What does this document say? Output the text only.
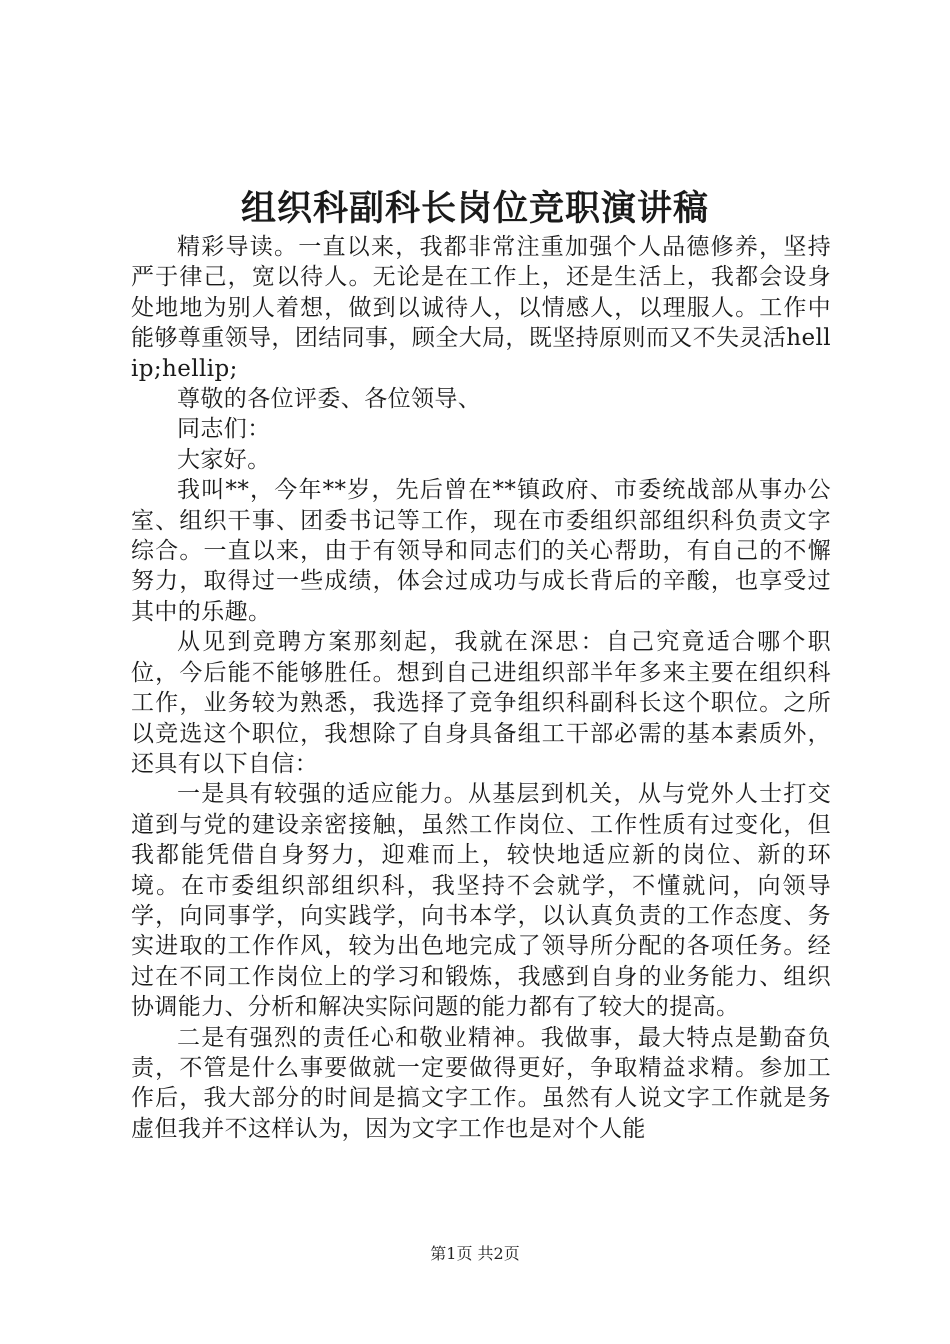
组织科副科长岗位竞职演讲稿

精彩导读。一直以来，我都非常注重加强个人品德修养，坚持严于律己，宽以待人。无论是在工作上，还是生活上，我都会设身处地地为别人着想，做到以诚待人，以情感人，以理服人。工作中能够尊重领导，团结同事，顾全大局，既坚持原则而又不失灵活hellip;hellip;

尊敬的各位评委、各位领导、

同志们：

大家好。

我叫**，今年**岁，先后曾在**镇政府、市委统战部从事办公室、组织干事、团委书记等工作，现在市委组织部组织科负责文字综合。一直以来，由于有领导和同志们的关心帮助，有自己的不懈努力，取得过一些成绩，体会过成功与成长背后的辛酸，也享受过其中的乐趣。

从见到竞聘方案那刻起，我就在深思：自己究竟适合哪个职位，今后能不能够胜任。想到自己进组织部半年多来主要在组织科工作，业务较为熟悉，我选择了竞争组织科副科长这个职位。之所以竞选这个职位，我想除了自身具备组工干部必需的基本素质外，还具有以下自信：

一是具有较强的适应能力。从基层到机关，从与党外人士打交道到与党的建设亲密接触，虽然工作岗位、工作性质有过变化，但我都能凭借自身努力，迎难而上，较快地适应新的岗位、新的环境。在市委组织部组织科，我坚持不会就学，不懂就问，向领导学，向同事学，向实践学，向书本学，以认真负责的工作态度、务实进取的工作作风，较为出色地完成了领导所分配的各项任务。经过在不同工作岗位上的学习和锻炼，我感到自身的业务能力、组织协调能力、分析和解决实际问题的能力都有了较大的提高。

二是有强烈的责任心和敬业精神。我做事，最大特点是勤奋负责，不管是什么事要做就一定要做得更好，争取精益求精。参加工作后，我大部分的时间是搞文字工作。虽然有人说文字工作就是务虚但我并不这样认为，因为文字工作也是对个人能

第1页 共2页
